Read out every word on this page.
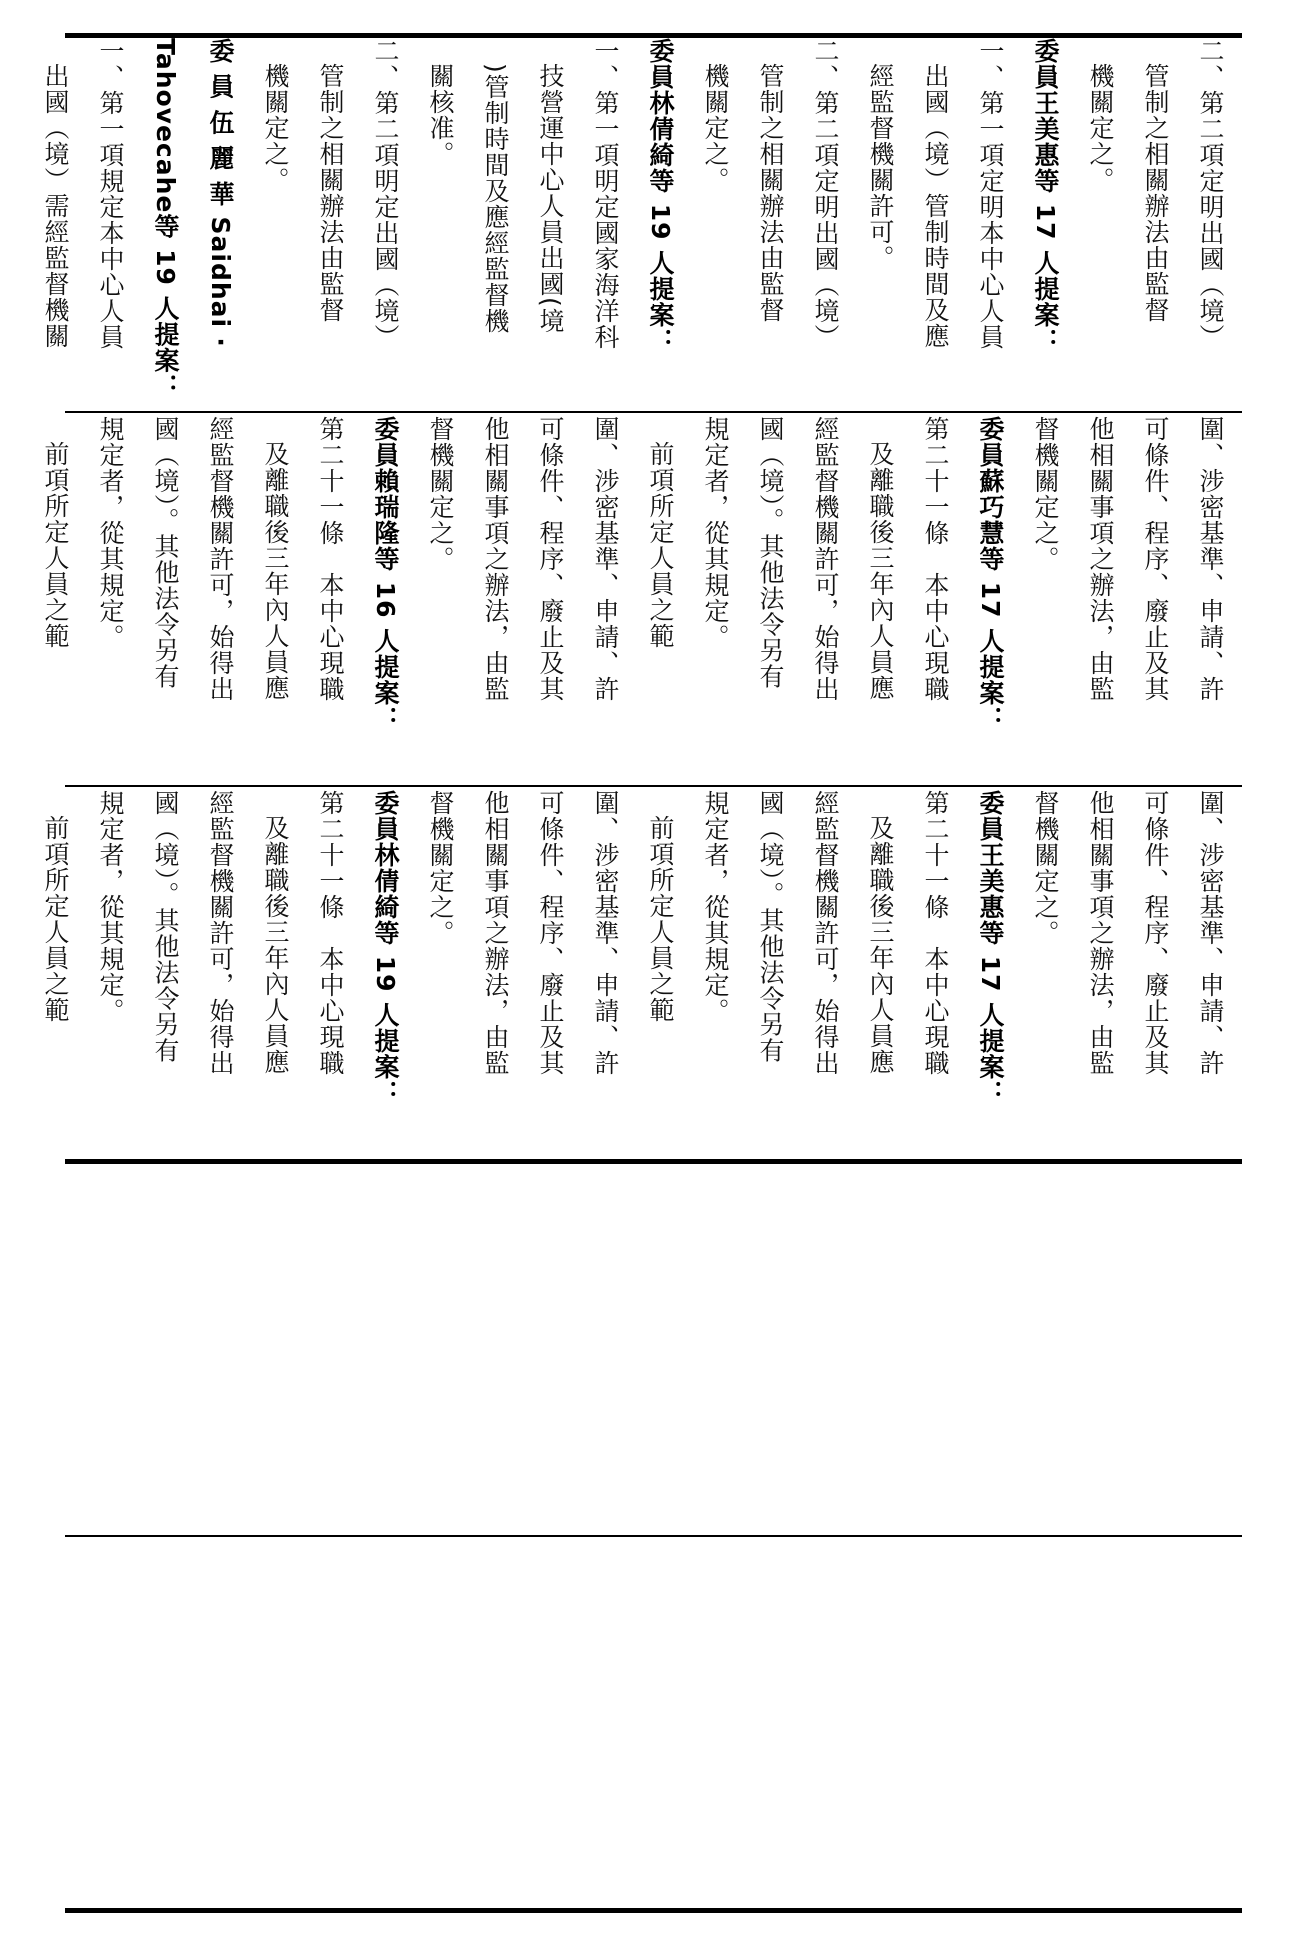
二、第二項定明出國（境）

管制之相關辦法由監督

機關定之。

委員王美惠等 17 人提案：

一、第一項定明本中心人員

出國（境）管制時間及應

經監督機關許可。

二、第二項定明出國（境）

管制之相關辦法由監督

機關定之。

委員林倩綺等 19 人提案：

一、第一項明定國家海洋科

技營運中心人員出國(境

)管制時間及應經監督機

關核准。

二、第二項明定出國（境）

管制之相關辦法由監督

機關定之。

委 員 伍 麗 華 Saidhai ‧

Tahovecahe等 19 人提案：

一、第一項規定本中心人員

出國（境）需經監督機關

圍、涉密基準、申請、許

可條件、程序、廢止及其

他相關事項之辦法，由監

督機關定之。

委員蘇巧慧等 17 人提案：

第二十一條　本中心現職

及離職後三年內人員應

經監督機關許可，始得出

國（境）。其他法令另有

規定者，從其規定。

前項所定人員之範

圍、涉密基準、申請、許

可條件、程序、廢止及其

他相關事項之辦法，由監

督機關定之。

委員賴瑞隆等 16 人提案：

第二十一條　本中心現職

及離職後三年內人員應

經監督機關許可，始得出

國（境）。其他法令另有

規定者，從其規定。

前項所定人員之範

圍、涉密基準、申請、許

可條件、程序、廢止及其

他相關事項之辦法，由監

督機關定之。

委員王美惠等 17 人提案：

第二十一條　本中心現職

及離職後三年內人員應

經監督機關許可，始得出

國（境）。其他法令另有

規定者，從其規定。

前項所定人員之範

圍、涉密基準、申請、許

可條件、程序、廢止及其

他相關事項之辦法，由監

督機關定之。

委員林倩綺等 19 人提案：

第二十一條　本中心現職

及離職後三年內人員應

經監督機關許可，始得出

國（境）。其他法令另有

規定者，從其規定。

前項所定人員之範
